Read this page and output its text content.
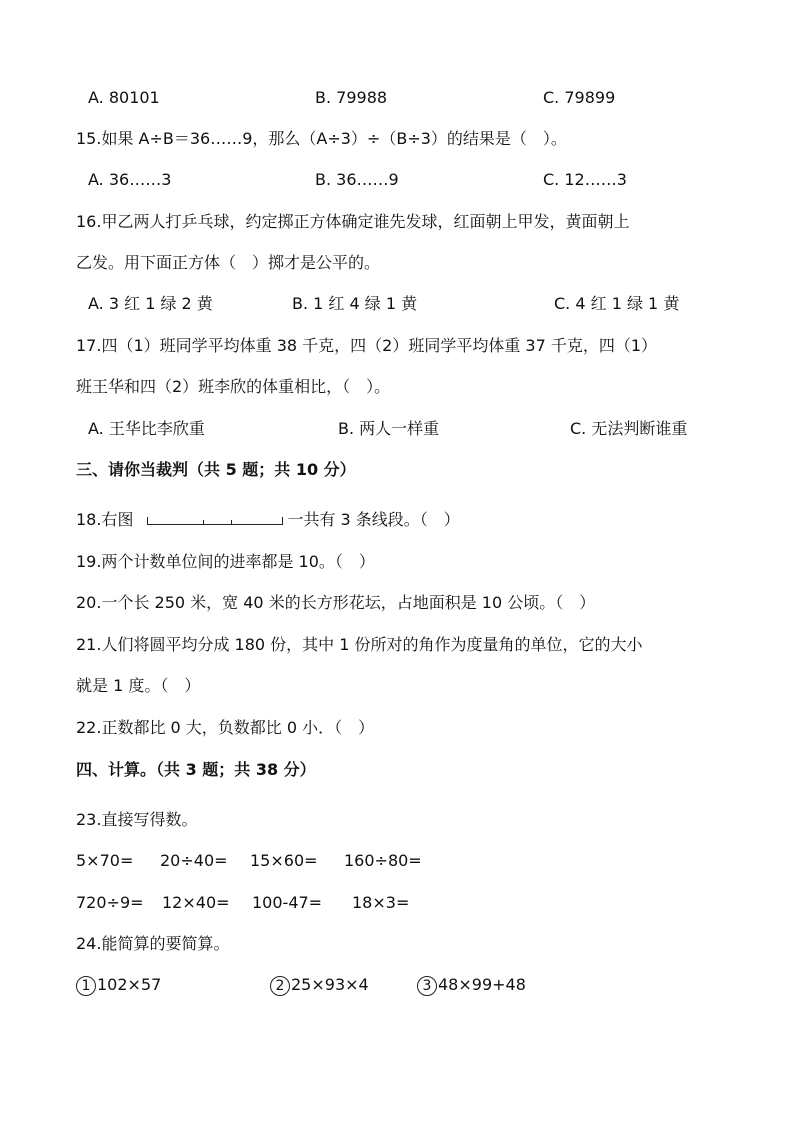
A. 80101	B. 79988	C. 79899
15.如果 A÷B＝36……9，那么（A÷3）÷（B÷3）的结果是（　）。
A. 36……3	B. 36……9	C. 12……3
16.甲乙两人打乒乓球，约定掷正方体确定谁先发球，红面朝上甲发，黄面朝上
乙发。用下面正方体（　）掷才是公平的。
A. 3 红 1 绿 2 黄	B. 1 红 4 绿 1 黄	C. 4 红 1 绿 1 黄
17.四（1）班同学平均体重 38 千克，四（2）班同学平均体重 37 千克，四（1）
班王华和四（2）班李欣的体重相比，（　）。
A. 王华比李欣重	B. 两人一样重	C. 无法判断谁重
三、请你当裁判（共 5 题；共 10 分）
18.右图	一共有 3 条线段。（　）
19.两个计数单位间的进率都是 10。（　）
20.一个长 250 米，宽 40 米的长方形花坛，占地面积是 10 公顷。（　）
21.人们将圆平均分成 180 份，其中 1 份所对的角作为度量角的单位，它的大小
就是 1 度。（　）
22.正数都比 0 大，负数都比 0 小．（　）
四、计算。（共 3 题；共 38 分）
23.直接写得数。
5×70= 20÷40= 15×60= 160÷80=
720÷9= 12×40= 100-47= 18×3=
24.能简算的要简算。
1 102×57	2 25×93×4	3 48×99+48
